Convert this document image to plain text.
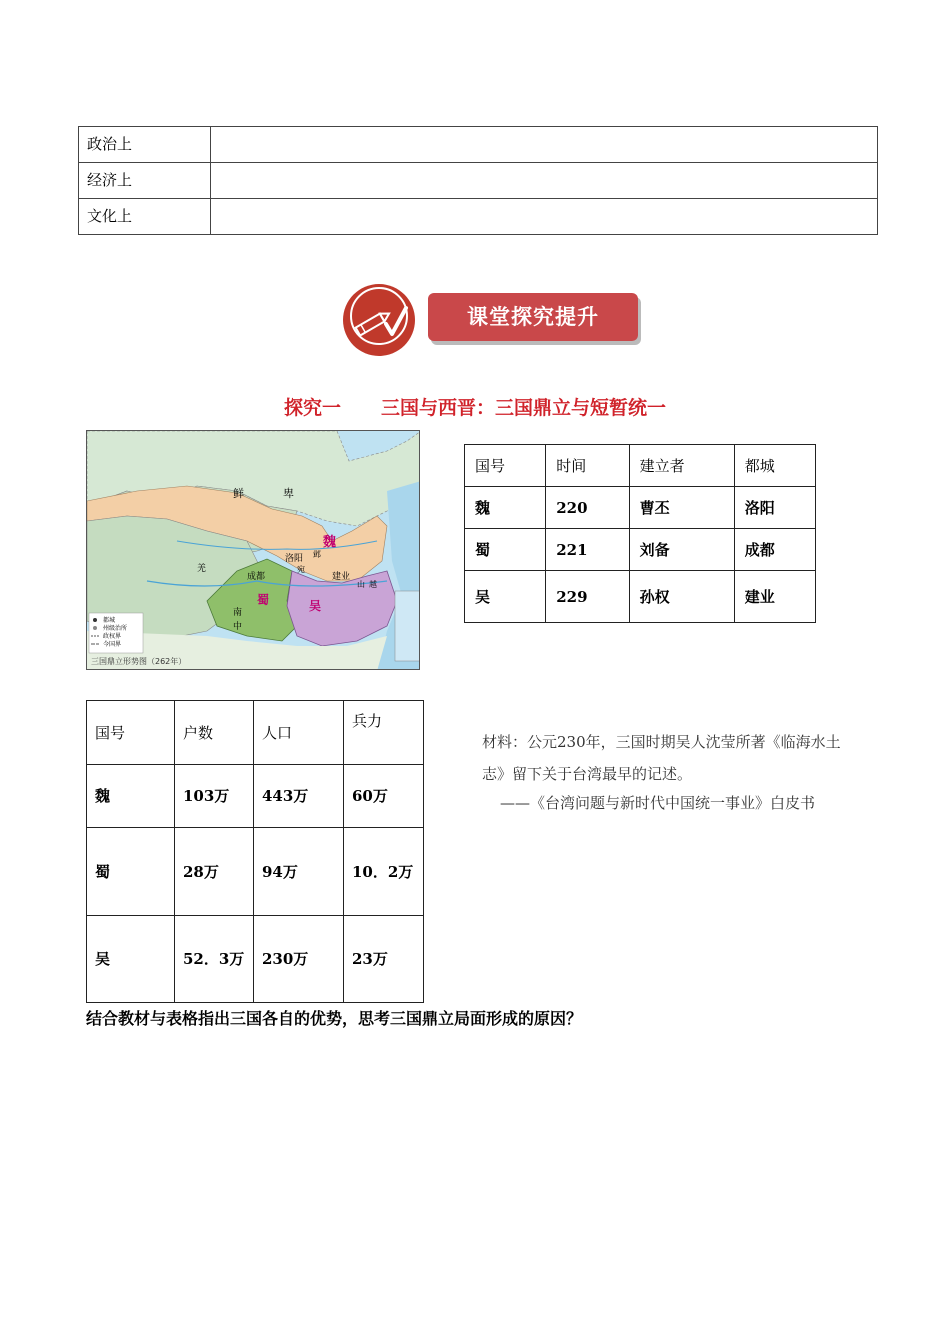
政治上	
经济上	
文化上	
课堂探究提升
探究一 三国与西晋：三国鼎立与短暂统一
鲜	卑
魏
洛阳 邺
宛
成都
蜀
建业
吴
南
中
山 越
羌
都城
州级治所
政权界
今国界
三国鼎立形势图（262年）
国号	时间	建立者	都城
魏	220	曹丕	洛阳
蜀	221	刘备	成都
吴	229	孙权	建业
国号	户数	人口	兵力
魏	103万	443万	60万
蜀	28万	94万	10．2万
吴	52．3万	230万	23万
材料：公元230年，三国时期吴人沈莹所著《临海水土志》留下关于台湾最早的记述。
——《台湾问题与新时代中国统一事业》白皮书
结合教材与表格指出三国各自的优势，思考三国鼎立局面形成的原因？
